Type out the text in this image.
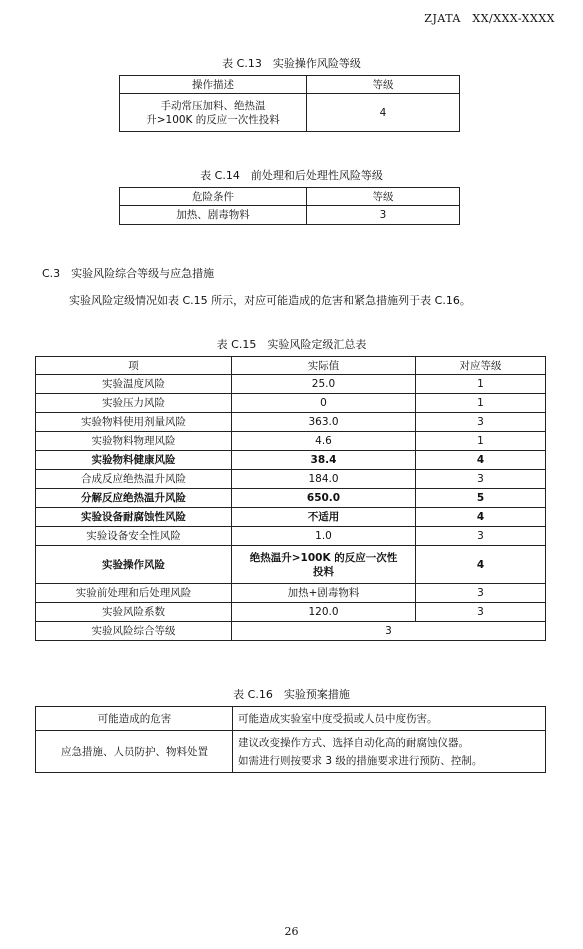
ZJATA　XX/XXX-XXXX
表 C.13　实验操作风险等级
操作描述	等级
手动常压加料、绝热温
升>100K 的反应一次性投料	4
表 C.14　前处理和后处理性风险等级
危险条件	等级
加热、剧毒物料	3
C.3　实验风险综合等级与应急措施
实验风险定级情况如表 C.15 所示，对应可能造成的危害和紧急措施列于表 C.16。
表 C.15　实验风险定级汇总表
项	实际值	对应等级
实验温度风险	25.0	1
实验压力风险	0	1
实验物料使用剂量风险	363.0	3
实验物料物理风险	4.6	1
实验物料健康风险	38.4	4
合成反应绝热温升风险	184.0	3
分解反应绝热温升风险	650.0	5
实验设备耐腐蚀性风险	不适用	4
实验设备安全性风险	1.0	3
实验操作风险	绝热温升>100K 的反应一次性
投料	4
实验前处理和后处理风险	加热+剧毒物料	3
实验风险系数	120.0	3
实验风险综合等级	3	
表 C.16　实验预案措施
可能造成的危害	可能造成实验室中度受损或人员中度伤害。
应急措施、人员防护、物料处置	建议改变操作方式、选择自动化高的耐腐蚀仪器。
如需进行则按要求 3 级的措施要求进行预防、控制。
26
